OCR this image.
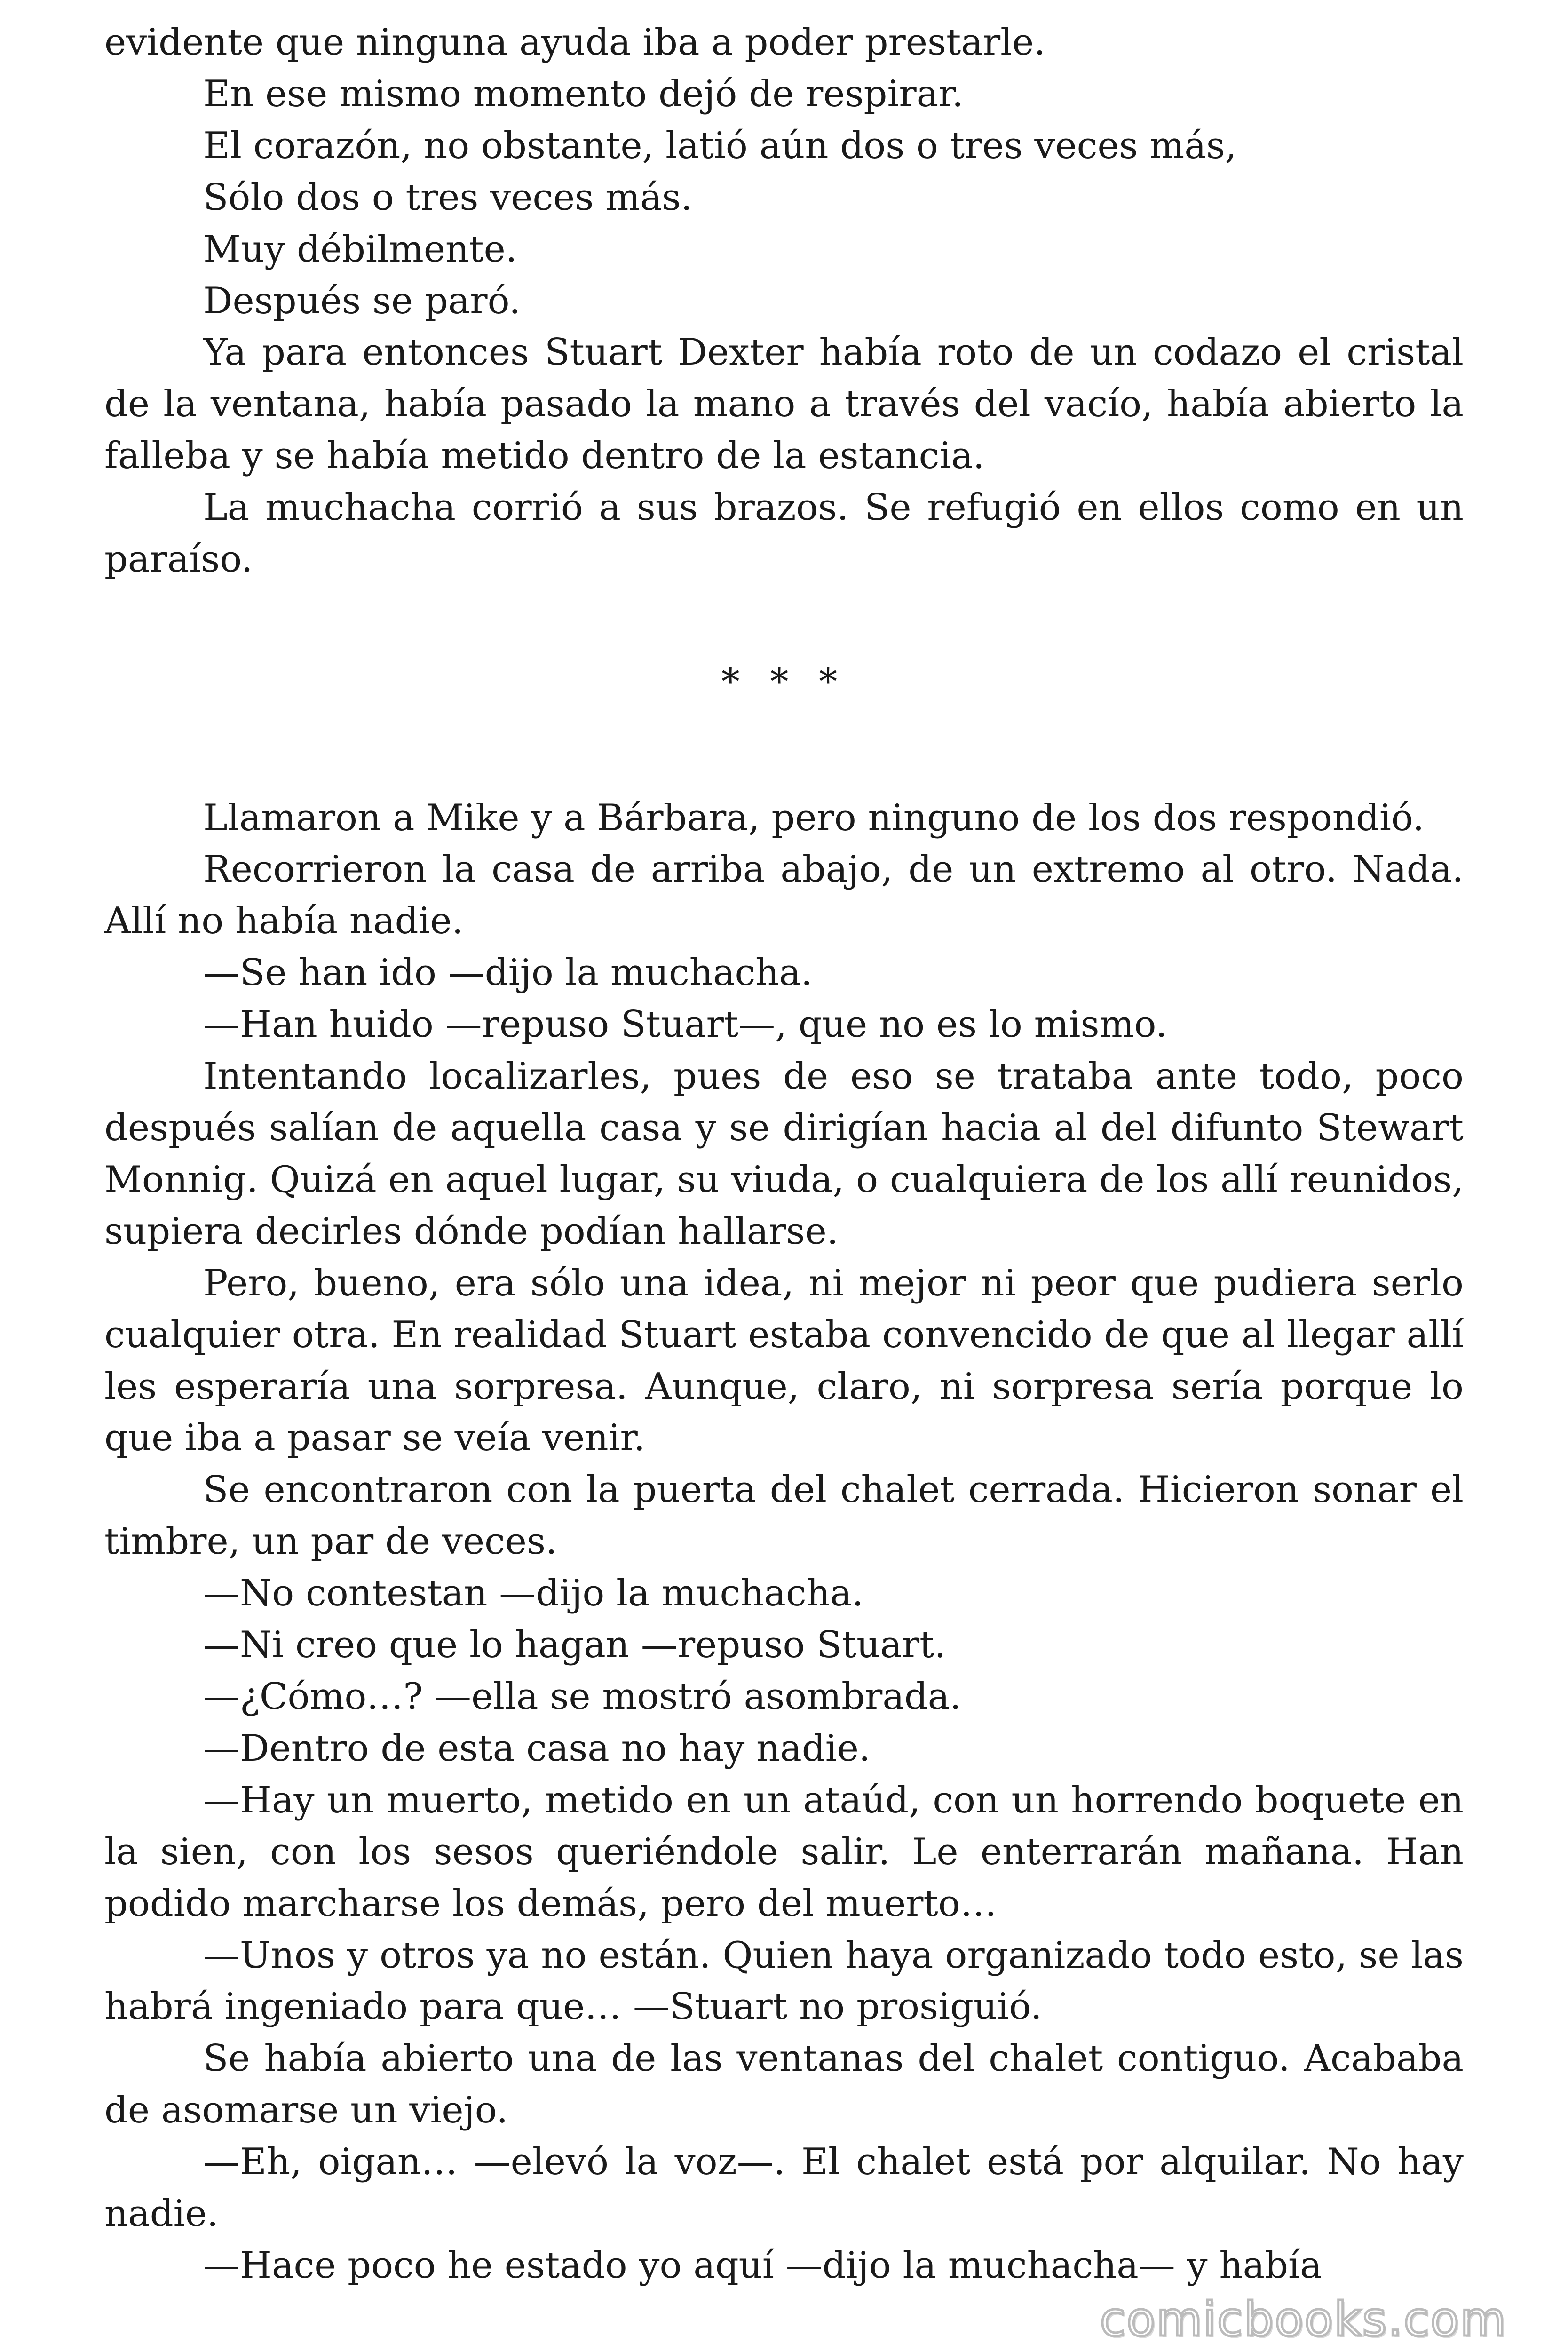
evidente que ninguna ayuda iba a poder prestarle.

En ese mismo momento dejó de respirar.

El corazón, no obstante, latió aún dos o tres veces más,

Sólo dos o tres veces más.

Muy débilmente.

Después se paró.

Ya para entonces Stuart Dexter había roto de un codazo el cristal de la ventana, había pasado la mano a través del vacío, había abierto la falleba y se había metido dentro de la estancia.

La muchacha corrió a sus brazos. Se refugió en ellos como en un paraíso.

* * *

Llamaron a Mike y a Bárbara, pero ninguno de los dos respondió.

Recorrieron la casa de arriba abajo, de un extremo al otro. Nada. Allí no había nadie.

—Se han ido —dijo la muchacha.

—Han huido —repuso Stuart—, que no es lo mismo.

Intentando localizarles, pues de eso se trataba ante todo, poco después salían de aquella casa y se dirigían hacia al del difunto Stewart Monnig. Quizá en aquel lugar, su viuda, o cualquiera de los allí reunidos, supiera decirles dónde podían hallarse.

Pero, bueno, era sólo una idea, ni mejor ni peor que pudiera serlo cualquier otra. En realidad Stuart estaba convencido de que al llegar allí les esperaría una sorpresa. Aunque, claro, ni sorpresa sería porque lo que iba a pasar se veía venir.

Se encontraron con la puerta del chalet cerrada. Hicieron sonar el timbre, un par de veces.

—No contestan —dijo la muchacha.

—Ni creo que lo hagan —repuso Stuart.

—¿Cómo…? —ella se mostró asombrada.

—Dentro de esta casa no hay nadie.

—Hay un muerto, metido en un ataúd, con un horrendo boquete en la sien, con los sesos queriéndole salir. Le enterrarán mañana. Han podido marcharse los demás, pero del muerto…

—Unos y otros ya no están. Quien haya organizado todo esto, se las habrá ingeniado para que… —Stuart no prosiguió.

Se había abierto una de las ventanas del chalet contiguo. Acababa de asomarse un viejo.

—Eh, oigan… —elevó la voz—. El chalet está por alquilar. No hay nadie.

—Hace poco he estado yo aquí —dijo la muchacha— y había

comicbooks.com
